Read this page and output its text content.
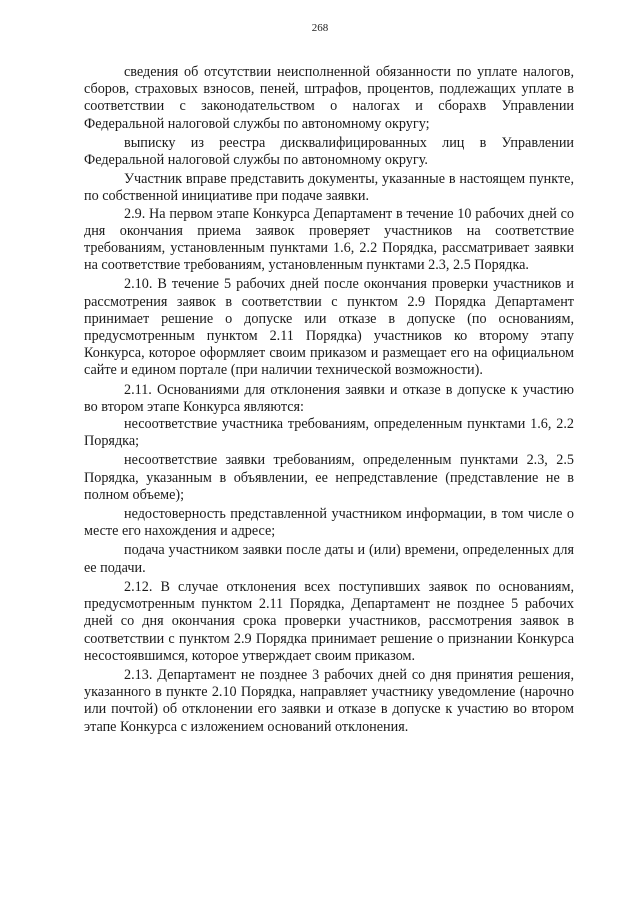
268

сведения об отсутствии неисполненной обязанности по уплате налогов, сборов, страховых взносов, пеней, штрафов, процентов, подлежащих уплате в соответствии с законодательством о налогах и сборахв Управлении Федеральной налоговой службы по автономному округу;

выписку из реестра дисквалифицированных лиц в Управлении Федеральной налоговой службы по автономному округу.

Участник вправе представить документы, указанные в настоящем пункте, по собственной инициативе при подаче заявки.

2.9. На первом этапе Конкурса Департамент в течение 10 рабочих дней со дня окончания приема заявок проверяет участников на соответствие требованиям, установленным пунктами 1.6, 2.2 Порядка, рассматривает заявки на соответствие требованиям, установленным пунктами 2.3, 2.5 Порядка.

2.10. В течение 5 рабочих дней после окончания проверки участников и рассмотрения заявок в соответствии с пунктом 2.9 Порядка Департамент принимает решение о допуске или отказе в допуске (по основаниям, предусмотренным пунктом 2.11 Порядка) участников ко второму этапу Конкурса, которое оформляет своим приказом и размещает его на официальном сайте и едином портале (при наличии технической возможности).

2.11. Основаниями для отклонения заявки и отказе в допуске к участию во втором этапе Конкурса являются:

несоответствие участника требованиям, определенным пунктами 1.6, 2.2 Порядка;

несоответствие заявки требованиям, определенным пунктами 2.3, 2.5 Порядка, указанным в объявлении, ее непредставление (представление не в полном объеме);

недостоверность представленной участником информации, в том числе о месте его нахождения и адресе;

подача участником заявки после даты и (или) времени, определенных для ее подачи.

2.12. В случае отклонения всех поступивших заявок по основаниям, предусмотренным пунктом 2.11 Порядка, Департамент не позднее 5 рабочих дней со дня окончания срока проверки участников, рассмотрения заявок в соответствии с пунктом 2.9 Порядка принимает решение о признании Конкурса несостоявшимся, которое утверждает своим приказом.

2.13. Департамент не позднее 3 рабочих дней со дня принятия решения, указанного в пункте 2.10 Порядка, направляет участнику уведомление (нарочно или почтой) об отклонении его заявки и отказе в допуске к участию во втором этапе Конкурса с изложением оснований отклонения.
